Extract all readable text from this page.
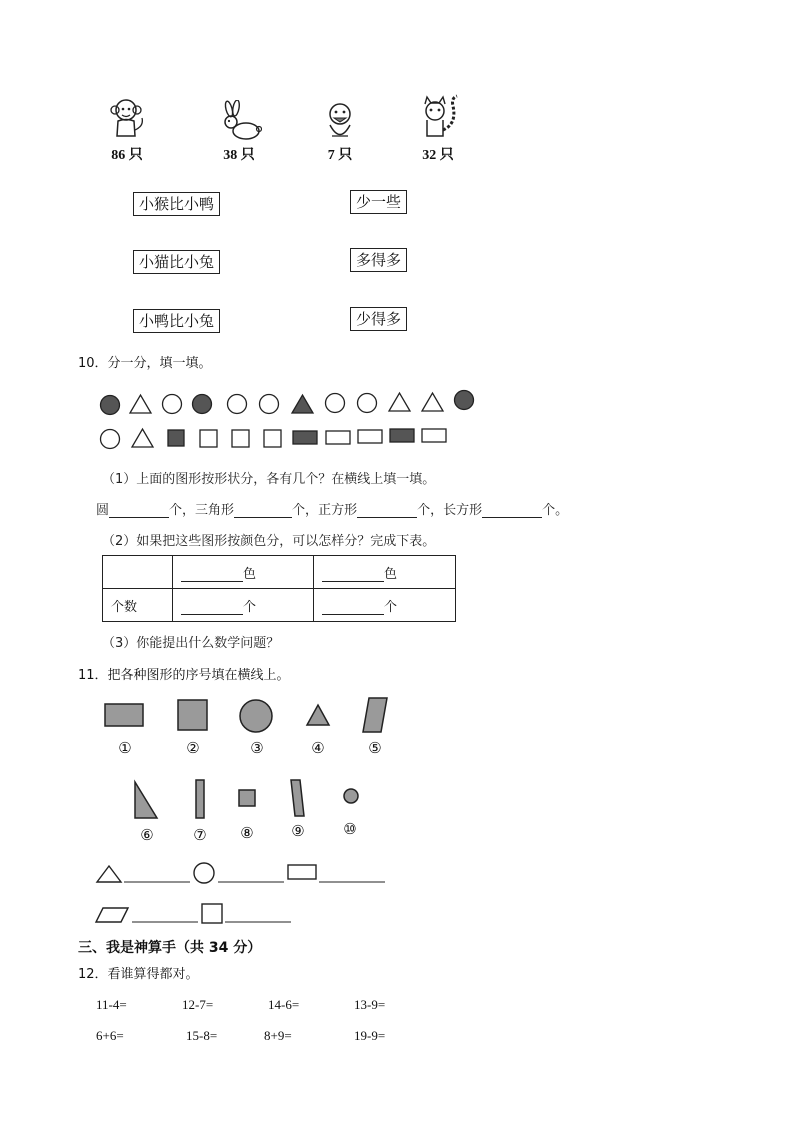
86 只	38 只	7 只	32 只
小猴比小鸭
小猫比小兔
小鸭比小兔
少一些
多得多
少得多
10．分一分，填一填。
（1）上面的图形按形状分，各有几个？在横线上填一填。
圆	个，三角形	个，正方形	个，长方形	个。
（2）如果把这些图形按颜色分，可以怎样分？完成下表。
	色	色
个数	个	个
（3）你能提出什么数学问题？
11．把各种图形的序号填在横线上。
①	②	③	④	⑤
⑥	⑦	⑧	⑨	⑩
三、我是神算手（共 34 分）
12．看谁算得都对。
11-4=	12-7=	14-6=	13-9=
6+6=	15-8=	8+9=	19-9=
